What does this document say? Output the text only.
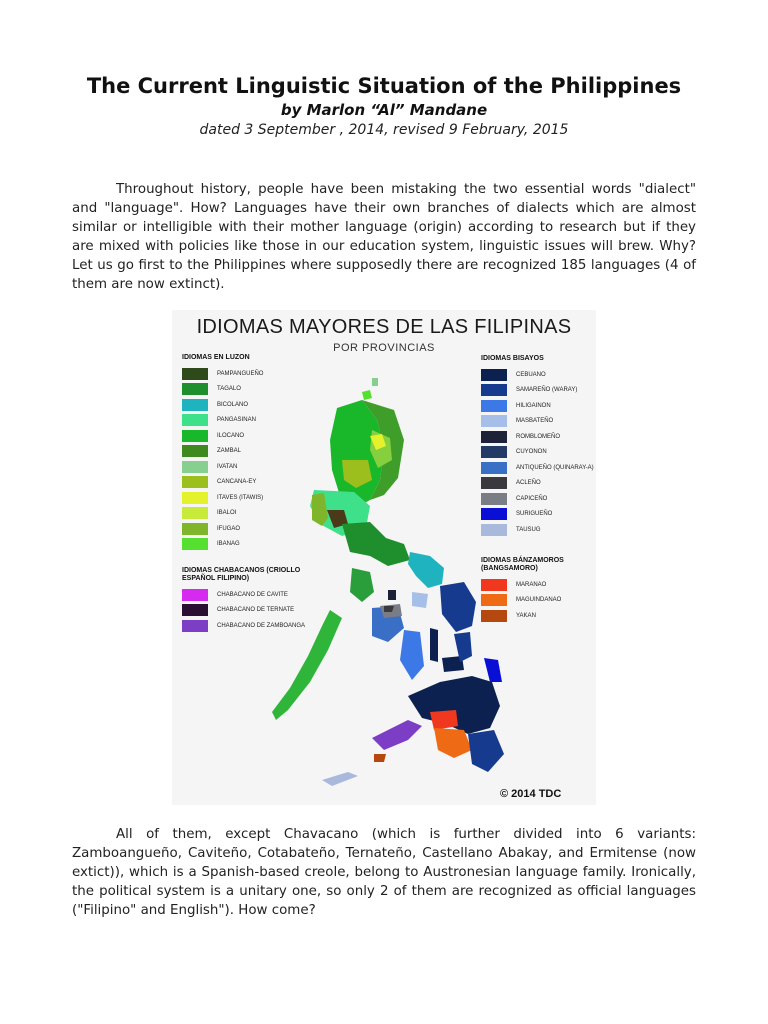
The Current Linguistic Situation of the Philippines
by Marlon “Al” Mandane
dated 3 September , 2014, revised 9 February, 2015

Throughout history, people have been mistaking the two essential words "dialect" and "language". How? Languages have their own branches of dialects which are almost similar or intelligible with their mother language (origin) according to research but if they are mixed with policies like those in our education system, linguistic issues will brew. Why? Let us go first to the Philippines where supposedly there are recognized 185 languages (4 of them are now extinct).

IDIOMAS MAYORES DE LAS FILIPINAS
POR PROVINCIAS
IDIOMAS EN LUZON
PAMPANGUEÑO
TAGALO
BICOLANO
PANGASINAN
ILOCANO
ZAMBAL
IVATAN
CANCANA-EY
ITAVES (ITAWIS)
IBALOI
IFUGAO
IBANAG
IDIOMAS CHABACANOS (CRIOLLO ESPAÑOL FILIPINO)
CHABACANO DE CAVITE
CHABACANO DE TERNATE
CHABACANO DE ZAMBOANGA
IDIOMAS BISAYOS
CEBUANO
SAMAREÑO (WARAY)
HILIGAINON
MASBATEÑO
ROMBLOMEÑO
CUYONON
ANTIQUEÑO (QUINARAY-A)
ACLEÑO
CAPICEÑO
SURIGUEÑO
TAUSUG
IDIOMAS BÁNZAMOROS (BANGSAMORO)
MARANAO
MAGUINDANAO
YAKAN
© 2014 TDC

All of them, except Chavacano (which is further divided into 6 variants: Zamboangueño, Caviteño, Cotabateño, Ternateño, Castellano Abakay, and Ermitense (now extict)), which is a Spanish-based creole, belong to Austronesian language family. Ironically, the political system is a unitary one, so only 2 of them are recognized as official languages ("Filipino" and English"). How come?
